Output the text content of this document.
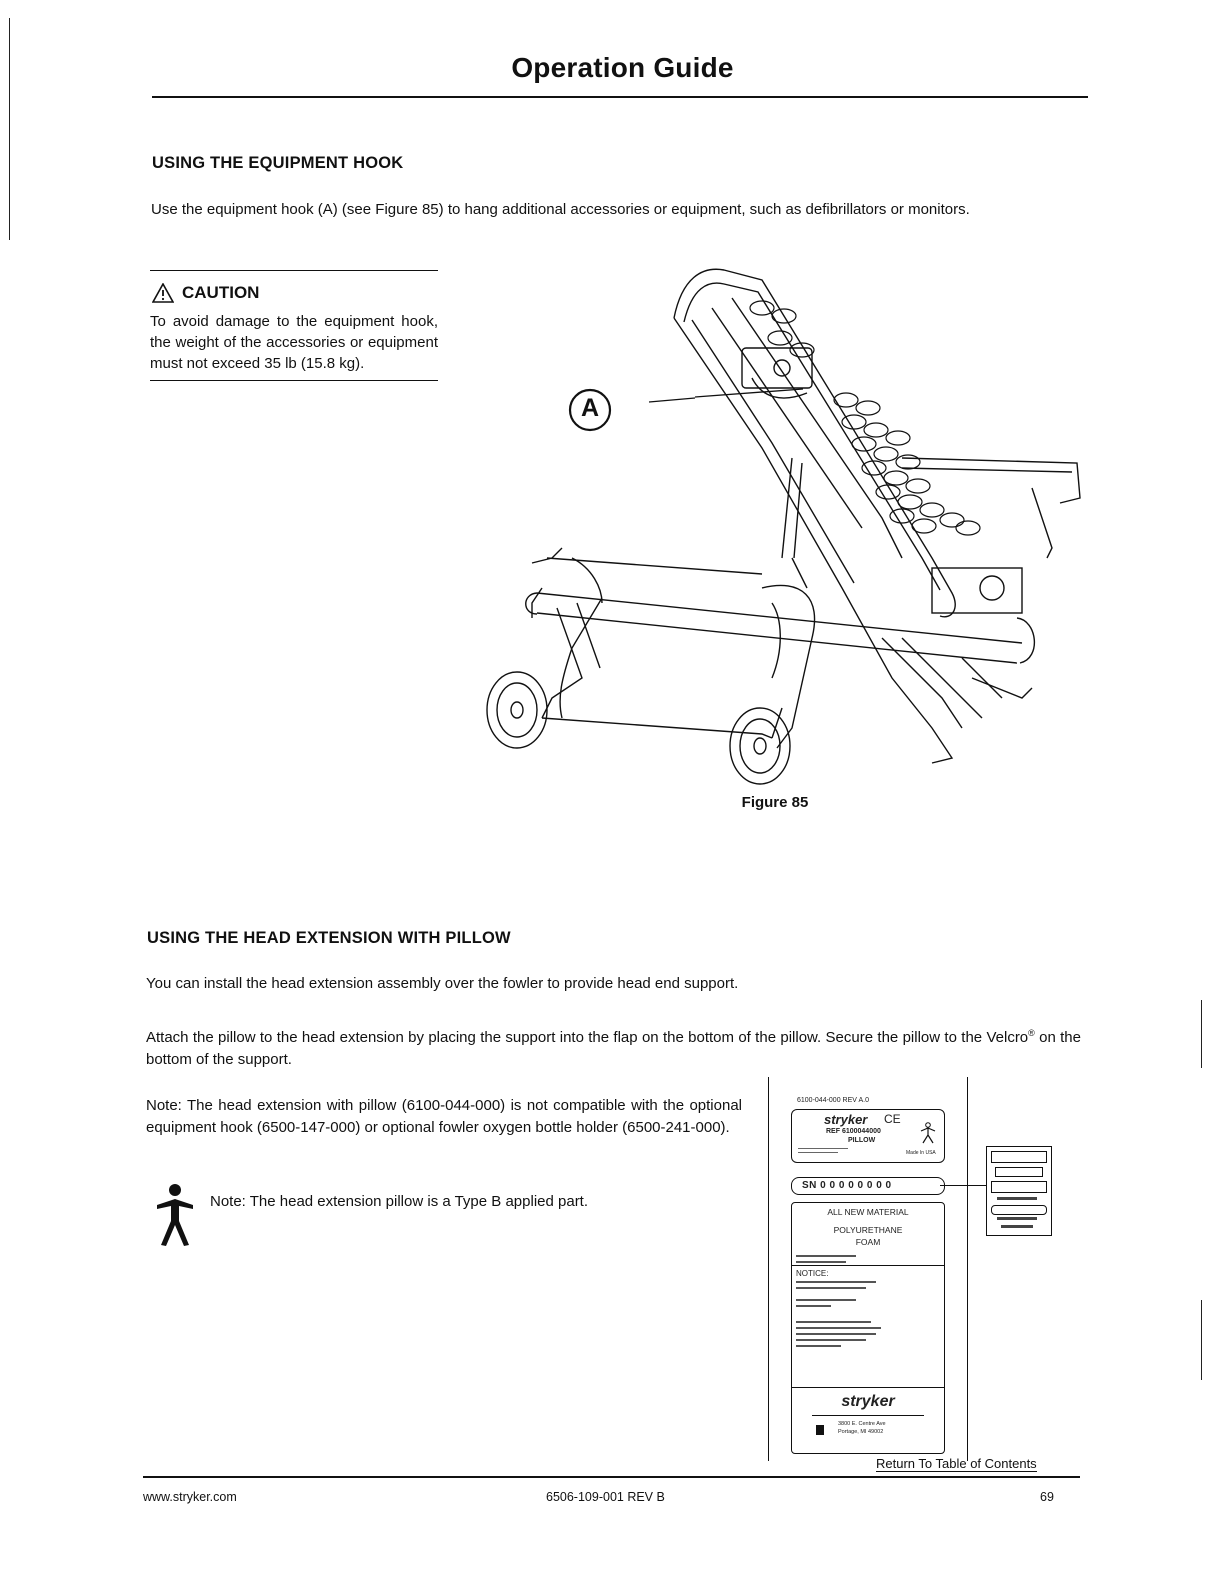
Operation Guide
USING THE EQUIPMENT HOOK
Use the equipment hook (A) (see Figure 85) to hang additional accessories or equipment, such as defibrillators or monitors.
CAUTION
To avoid damage to the equipment hook, the weight of the accessories or equipment must not exceed 35 lb (15.8 kg).
A
Figure 85
USING THE HEAD EXTENSION WITH PILLOW
You can install the head extension assembly over the fowler to provide head end support.
Attach the pillow to the head extension by placing the support into the flap on the bottom of the pillow. Secure the pillow to the Velcro® on the bottom of the support.
Note: The head extension with pillow (6100-044-000) is not compatible with the optional equipment hook (6500-147-000) or optional fowler oxygen bottle holder (6500-241-000).
Note: The head extension pillow is a Type B applied part.
6100-044-000 REV A.0
stryker CE
REF 6100044000
PILLOW
Made In USA
SN 0 0 0 0 0 0 0 0
ALL NEW MATERIAL
POLYURETHANE
FOAM
NOTICE:
stryker
3800 E. Centre Ave
Portage, MI 49002
Return To Table of Contents
www.stryker.com	6506-109-001 REV B	69
